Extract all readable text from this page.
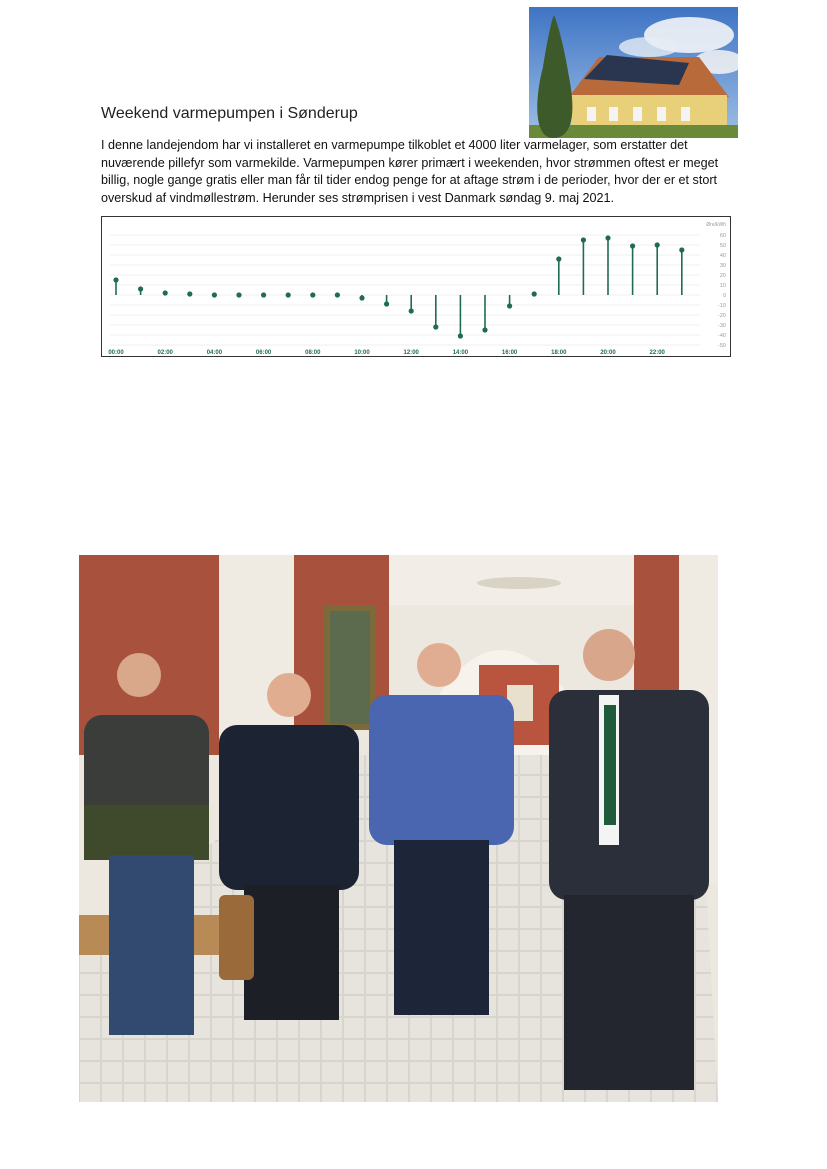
Weekend varmepumpen i Sønderup

I denne landejendom har vi installeret en varmepumpe tilkoblet et 4000 liter varmelager, som erstatter det nuværende pillefyr som varmekilde. Varmepumpen kører primært i weekenden, hvor strømmen oftest er meget billig, nogle gange gratis eller man får til tider endog penge for at aftage strøm i de perioder, hvor der er et stort overskud af vindmøllestrøm. Herunder ses strømprisen i vest Danmark søndag 9. maj 2021.

Øre/kWh
60
50
40
30
20
10
0
-10
-20
-30
-40
-50
00:00	02:00	04:00	06:00	08:00	10:00	12:00	14:00	16:00	18:00	20:00	22:00
